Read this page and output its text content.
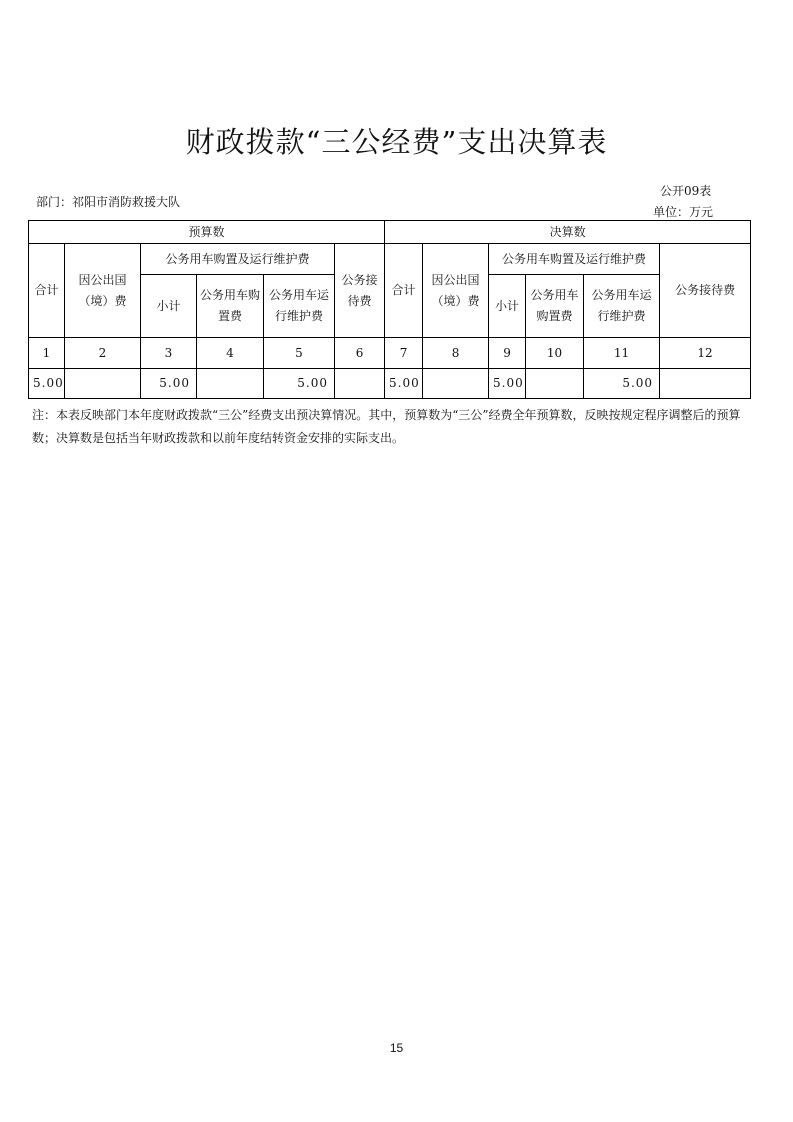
财政拨款“三公经费”支出决算表
公开09表
部门：祁阳市消防救援大队
单位：万元
预算数						决算数					
合计	因公出国（境）费	公务用车购置及运行维护费			公务接待费	合计	因公出国（境）费	公务用车购置及运行维护费			公务接待费
		小计	公务用车购置费	公务用车运行维护费				小计	公务用车购置费	公务用车运行维护费	
1	2	3	4	5	6	7	8	9	10	11	12
5.00		5.00		5.00		5.00		5.00		5.00	
注：本表反映部门本年度财政拨款“三公”经费支出预决算情况。其中，预算数为“三公”经费全年预算数，反映按规定程序调整后的预算数；决算数是包括当年财政拨款和以前年度结转资金安排的实际支出。
15
